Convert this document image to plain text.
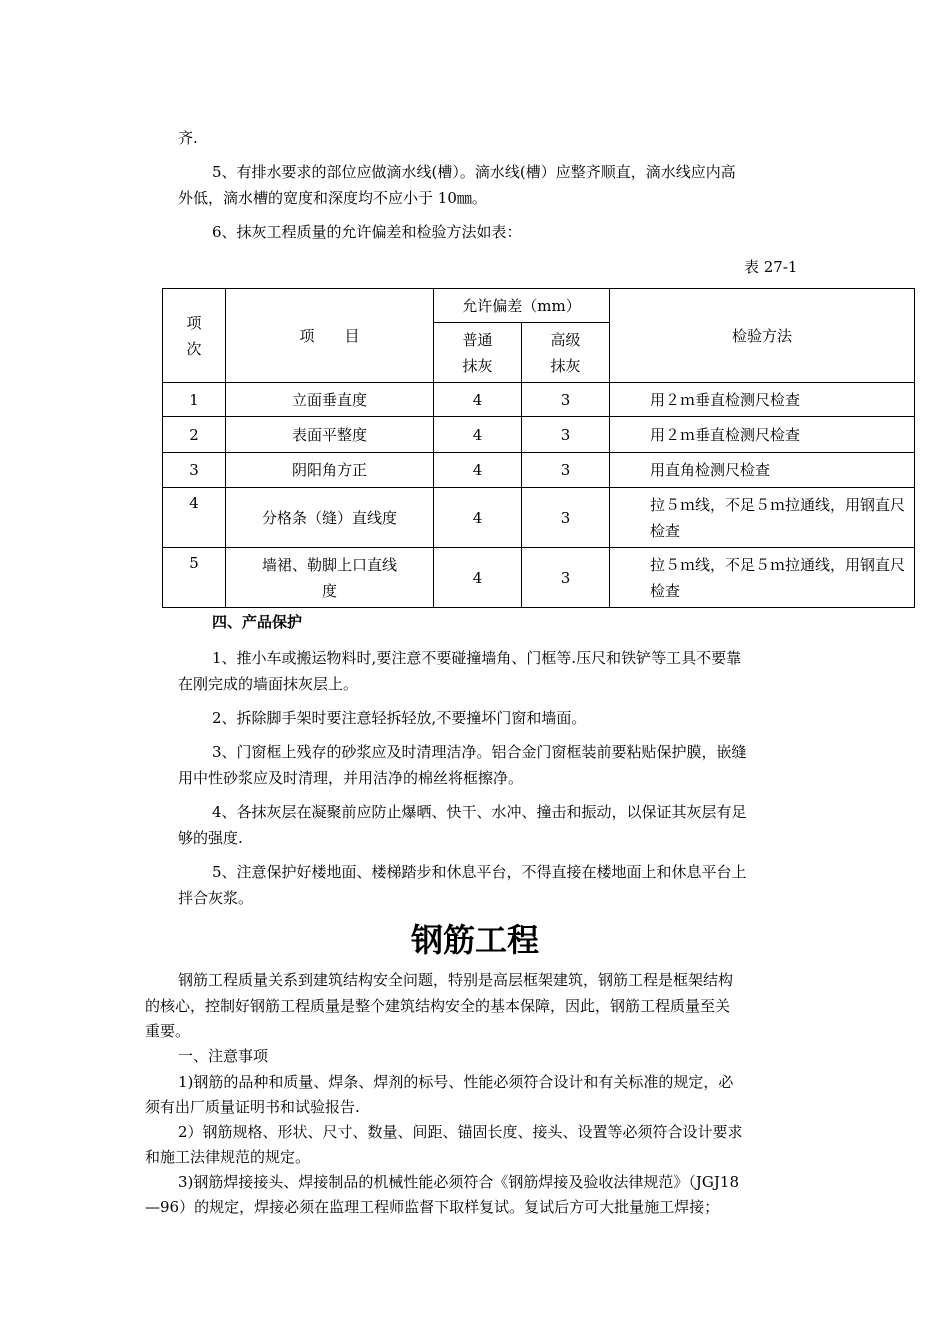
齐.
5、有排水要求的部位应做滴水线(槽）。滴水线(槽）应整齐顺直，滴水线应内高
外低，滴水槽的宽度和深度均不应小于 10㎜。
6、抹灰工程质量的允许偏差和检验方法如表：
表 27-1
项次	项　　目	允许偏差（mm）		检验方法
		普通抹灰	高级抹灰	
1	立面垂直度	4	3	用２ｍ垂直检测尺检查
2	表面平整度	4	3	用２ｍ垂直检测尺检查
3	阴阳角方正	4	3	用直角检测尺检查
4	分格条（缝）直线度	4	3	拉５ｍ线，不足５ｍ拉通线，用钢直尺检查
5	墙裙、勒脚上口直线度	4	3	拉５ｍ线，不足５ｍ拉通线，用钢直尺检查
四、产品保护
1、推小车或搬运物料时,要注意不要碰撞墙角、门框等.压尺和铁铲等工具不要靠
在刚完成的墙面抹灰层上。
2、拆除脚手架时要注意轻拆轻放,不要撞坏门窗和墙面。
3、门窗框上残存的砂浆应及时清理洁净。铝合金门窗框装前要粘贴保护膜，嵌缝
用中性砂浆应及时清理，并用洁净的棉丝将框擦净。
4、各抹灰层在凝聚前应防止爆晒、快干、水冲、撞击和振动，以保证其灰层有足
够的强度.
5、注意保护好楼地面、楼梯踏步和休息平台，不得直接在楼地面上和休息平台上
拌合灰浆。
钢筋工程
钢筋工程质量关系到建筑结构安全问题，特别是高层框架建筑，钢筋工程是框架结构
的核心，控制好钢筋工程质量是整个建筑结构安全的基本保障，因此，钢筋工程质量至关
重要。
一、注意事项
1)钢筋的品种和质量、焊条、焊剂的标号、性能必须符合设计和有关标准的规定，必
须有出厂质量证明书和试验报告.
2）钢筋规格、形状、尺寸、数量、间距、锚固长度、接头、设置等必须符合设计要求
和施工法律规范的规定。
3)钢筋焊接接头、焊接制品的机械性能必须符合《钢筋焊接及验收法律规范》（JGJ18
—96）的规定，焊接必须在监理工程师监督下取样复试。复试后方可大批量施工焊接；
